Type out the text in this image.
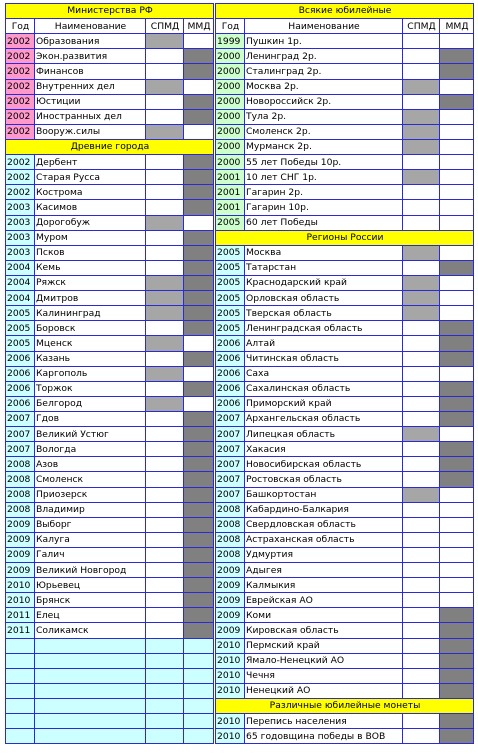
Министерства РФ			
Год	Наименование	СПМД	ММД
2002	Образования		
2002	Экон.развития		
2002	Финансов		
2002	Внутренних дел		
2002	Юстиции		
2002	Иностранных дел		
2002	Вооруж.силы		
Древние города			
2002	Дербент		
2002	Старая Русса		
2002	Кострома		
2003	Касимов		
2003	Дорогобуж		
2003	Муром		
2003	Псков		
2004	Кемь		
2004	Ряжск		
2004	Дмитров		
2005	Калининград		
2005	Боровск		
2005	Мценск		
2006	Казань		
2006	Каргополь		
2006	Торжок		
2006	Белгород		
2007	Гдов		
2007	Великий Устюг		
2007	Вологда		
2008	Азов		
2008	Смоленск		
2008	Приозерск		
2008	Владимир		
2009	Выборг		
2009	Калуга		
2009	Галич		
2009	Великий Новгород		
2010	Юрьевец		
2010	Брянск		
2011	Елец		
2011	Соликамск		

Всякие юбилейные			
Год	Наименование	СПМД	ММД
1999	Пушкин 1р.		
2000	Ленинград 2р.		
2000	Сталинград 2р.		
2000	Москва 2р.		
2000	Новороссийск 2р.		
2000	Тула 2р.		
2000	Смоленск 2р.		
2000	Мурманск 2р.		
2000	55 лет Победы 10р.		
2001	10 лет СНГ 1р.		
2001	Гагарин 2р.		
2001	Гагарин 10р.		
2005	60 лет Победы		
Регионы России			
2005	Москва		
2005	Татарстан		
2005	Краснодарский край		
2005	Орловская область		
2005	Тверская область		
2005	Ленинградская область		
2006	Алтай		
2006	Читинская область		
2006	Саха		
2006	Сахалинская область		
2006	Приморский край		
2007	Архангельская область		
2007	Липецкая область		
2007	Хакасия		
2007	Новосибирская область		
2007	Ростовская область		
2007	Башкортостан		
2008	Кабардино-Балкария		
2008	Свердловская область		
2008	Астраханская область		
2008	Удмуртия		
2009	Адыгея		
2009	Калмыкия		
2009	Еврейская АО		
2009	Коми		
2009	Кировская область		
2010	Пермский край		
2010	Ямало-Ненецкий АО		
2010	Чечня		
2010	Ненецкий АО		
Различные юбилейные монеты			
2010	Перепись населения		
2010	65 годовщина победы в ВОВ		
